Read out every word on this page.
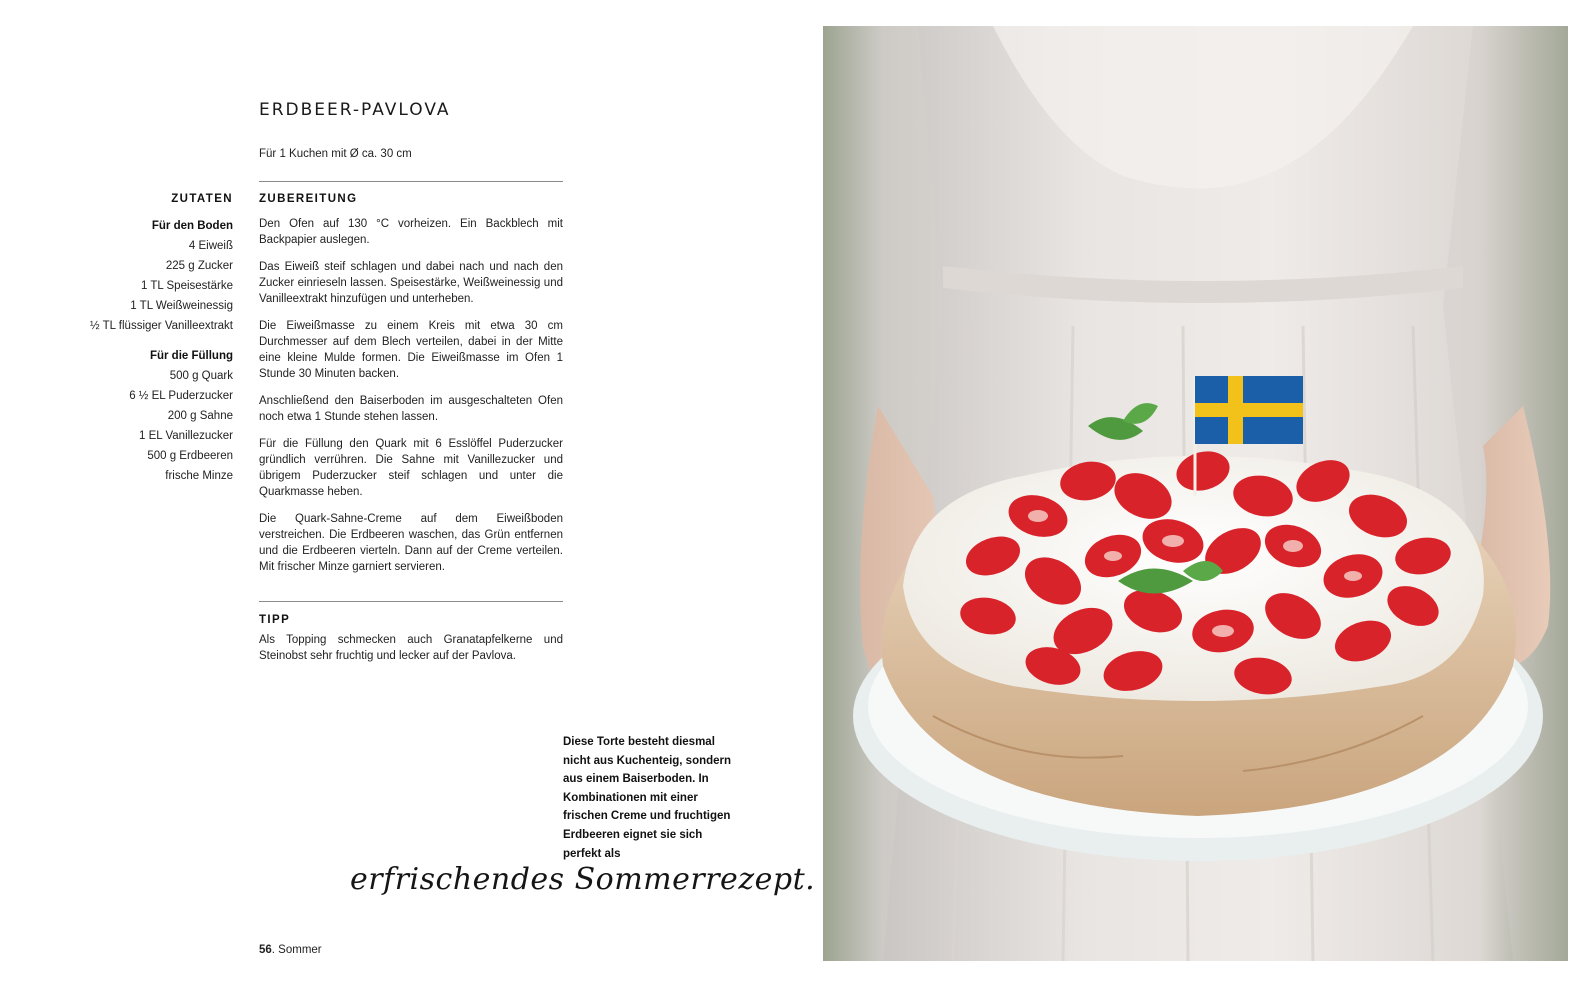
ERDBEER-PAVLOVA
Für 1 Kuchen mit Ø ca. 30 cm
ZUTATEN ZUBEREITUNG
Für den Boden
4 Eiweiß
225 g Zucker
1 TL Speisestärke
1 TL Weißweinessig
½ TL flüssiger Vanilleextrakt
Für die Füllung
500 g Quark
6 ½ EL Puderzucker
200 g Sahne
1 EL Vanillezucker
500 g Erdbeeren
frische Minze

Den Ofen auf 130 °C vorheizen. Ein Backblech mit Backpapier auslegen.

Das Eiweiß steif schlagen und dabei nach und nach den Zucker einrieseln lassen. Speisestärke, Weißweinessig und Vanilleextrakt hinzufügen und unterheben.

Die Eiweißmasse zu einem Kreis mit etwa 30 cm Durchmesser auf dem Blech verteilen, dabei in der Mitte eine kleine Mulde formen. Die Eiweißmasse im Ofen 1 Stunde 30 Minuten backen.

Anschließend den Baiserboden im ausgeschalteten Ofen noch etwa 1 Stunde stehen lassen.

Für die Füllung den Quark mit 6 Esslöffel Puderzucker gründlich verrühren. Die Sahne mit Vanillezucker und übrigem Puderzucker steif schlagen und unter die Quarkmasse heben.

Die Quark-Sahne-Creme auf dem Eiweißboden verstreichen. Die Erdbeeren waschen, das Grün entfernen und die Erdbeeren vierteln. Dann auf der Creme verteilen. Mit frischer Minze garniert servieren.

TIPP

Als Topping schmecken auch Granatapfelkerne und Steinobst sehr fruchtig und lecker auf der Pavlova.

Diese Torte besteht diesmal nicht aus Kuchenteig, sondern aus einem Baiserboden. In Kombinationen mit einer frischen Creme und fruchtigen Erdbeeren eignet sie sich perfekt als
erfrischendes Sommerrezept.
56. Sommer
